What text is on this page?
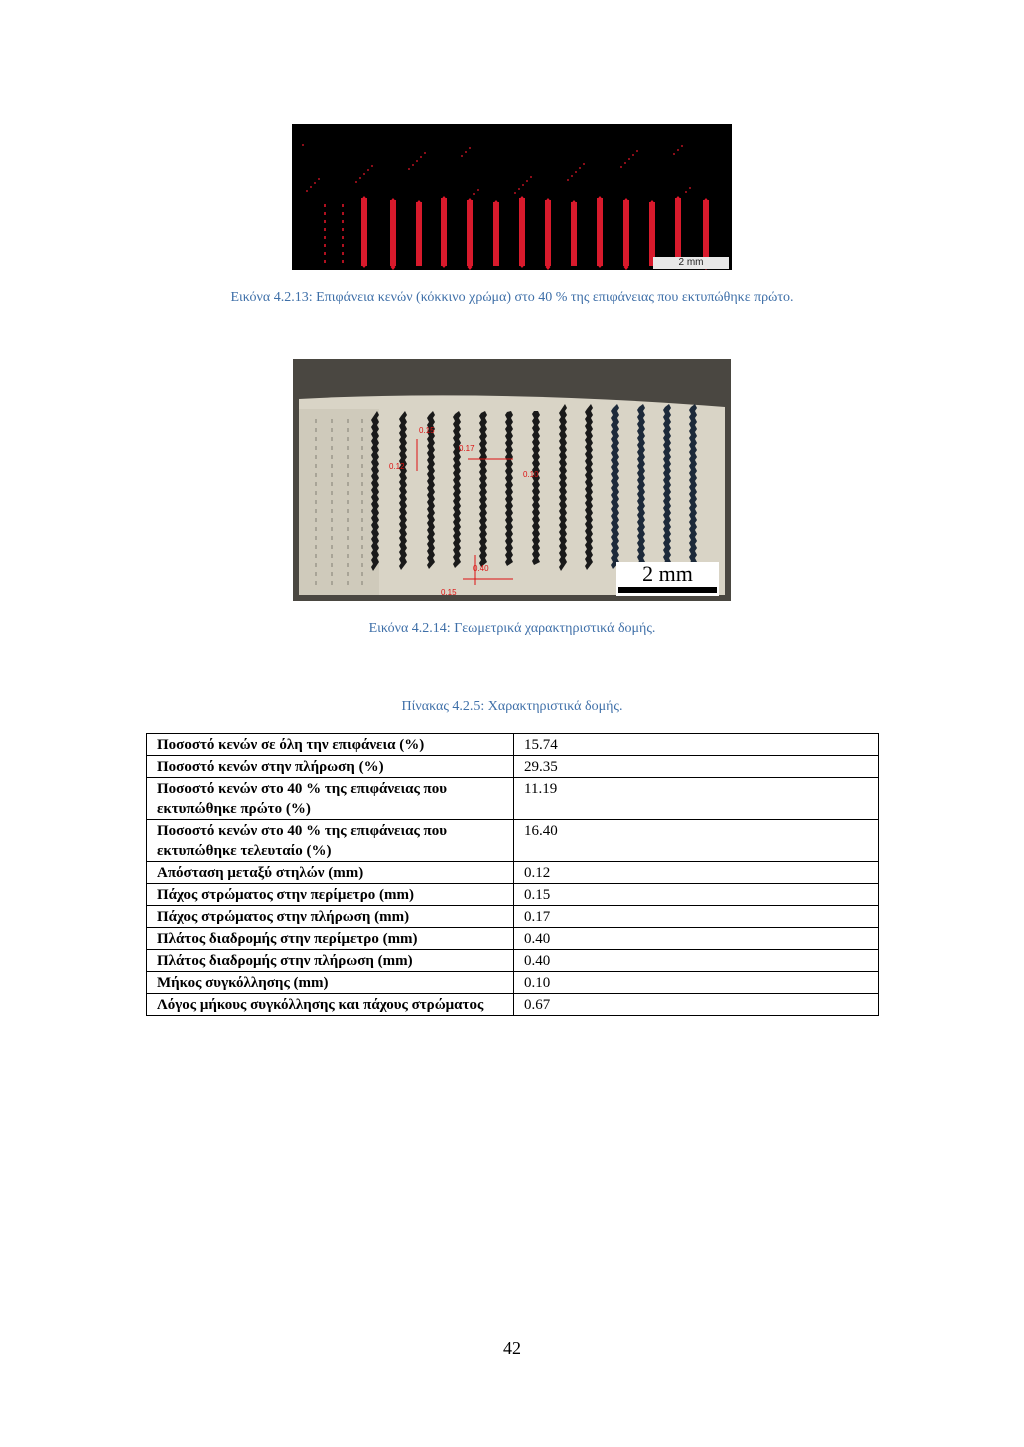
2 mm
Εικόνα 4.2.13: Επιφάνεια κενών (κόκκινο χρώμα) στο 40 % της επιφάνειας που εκτυπώθηκε πρώτο.
0.15
0.12
0.17
0.10
0.40
0.15
2 mm
Εικόνα 4.2.14: Γεωμετρικά χαρακτηριστικά δομής.
Πίνακας 4.2.5: Χαρακτηριστικά δομής.
Ποσοστό κενών σε όλη την επιφάνεια (%)	15.74
Ποσοστό κενών στην πλήρωση (%)	29.35
Ποσοστό κενών στο 40 % της επιφάνειας που εκτυπώθηκε πρώτο (%)	11.19
Ποσοστό κενών στο 40 % της επιφάνειας που εκτυπώθηκε τελευταίο (%)	16.40
Απόσταση μεταξύ στηλών (mm)	0.12
Πάχος στρώματος στην περίμετρο (mm)	0.15
Πάχος στρώματος στην πλήρωση (mm)	0.17
Πλάτος διαδρομής στην περίμετρο (mm)	0.40
Πλάτος διαδρομής στην πλήρωση (mm)	0.40
Μήκος συγκόλλησης (mm)	0.10
Λόγος μήκους συγκόλλησης και πάχους στρώματος	0.67
42
